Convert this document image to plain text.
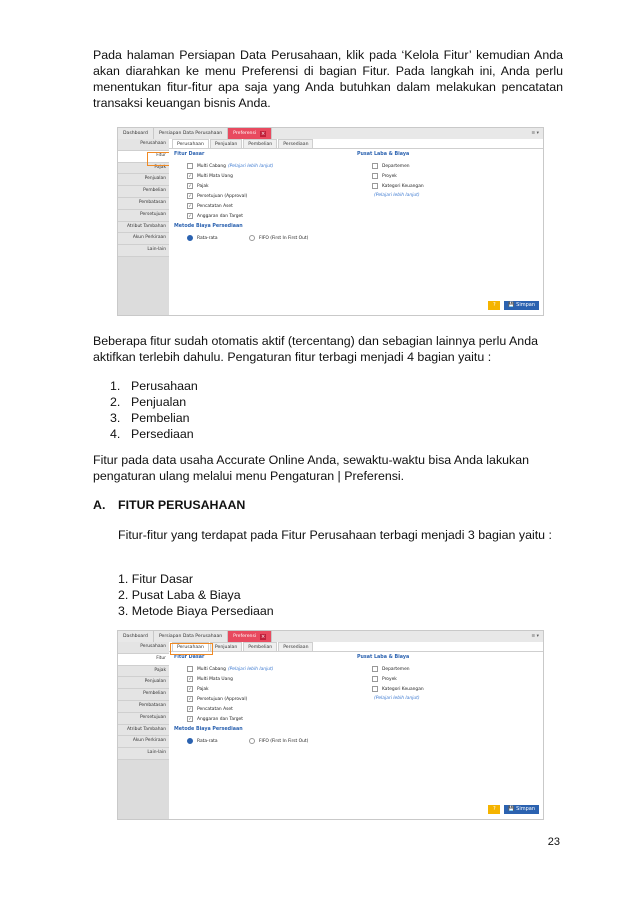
Pada halaman Persiapan Data Perusahaan, klik pada ‘Kelola Fitur’ kemudian Anda akan diarahkan ke menu Preferensi di bagian Fitur. Pada langkah ini, Anda perlu menentukan fitur-fitur apa saja yang Anda butuhkan dalam melakukan pencatatan transaksi keuangan bisnis Anda.
Dashboard	Persiapan Data Perusahaan	Preferensi ×	≡ ▾
Perusahaan
Fitur
Pajak
Penjualan
Pembelian
Pembatasan
Persetujuan
Atribut Tambahan
Akun Perkiraan
Lain-lain
Perusahaan	Penjualan	Pembelian	Persediaan
Fitur Dasar
Multi Cabang (Pelajari lebih lanjut)
✓	Multi Mata Uang
✓	Pajak
✓	Persetujuan (Approval)
✓	Pencatatan Aset
✓	Anggaran dan Target
Metode Biaya Persediaan
Rata-rata	FIFO (First In First Out)
Pusat Laba & Biaya
Departemen
Proyek
Kategori Keuangan
(Pelajari lebih lanjut)
?	💾 Simpan
Beberapa fitur sudah otomatis aktif (tercentang) dan sebagian lainnya perlu Anda aktifkan terlebih dahulu. Pengaturan fitur terbagi menjadi 4 bagian yaitu :
1. Perusahaan
2. Penjualan
3. Pembelian
4. Persediaan
Fitur pada data usaha Accurate Online Anda, sewaktu-waktu bisa Anda lakukan pengaturan ulang melalui menu Pengaturan | Preferensi.
A. FITUR PERUSAHAAN
Fitur-fitur yang terdapat pada Fitur Perusahaan terbagi menjadi 3 bagian yaitu :
1. Fitur Dasar
2. Pusat Laba & Biaya
3. Metode Biaya Persediaan
Dashboard	Persiapan Data Perusahaan	Preferensi ×	≡ ▾
Perusahaan
Fitur
Pajak
Penjualan
Pembelian
Pembatasan
Persetujuan
Atribut Tambahan
Akun Perkiraan
Lain-lain
Perusahaan	Penjualan	Pembelian	Persediaan
Fitur Dasar
Multi Cabang (Pelajari lebih lanjut)
✓	Multi Mata Uang
✓	Pajak
✓	Persetujuan (Approval)
✓	Pencatatan Aset
✓	Anggaran dan Target
Metode Biaya Persediaan
Rata-rata	FIFO (First In First Out)
Pusat Laba & Biaya
Departemen
Proyek
Kategori Keuangan
(Pelajari lebih lanjut)
?	💾 Simpan
23
